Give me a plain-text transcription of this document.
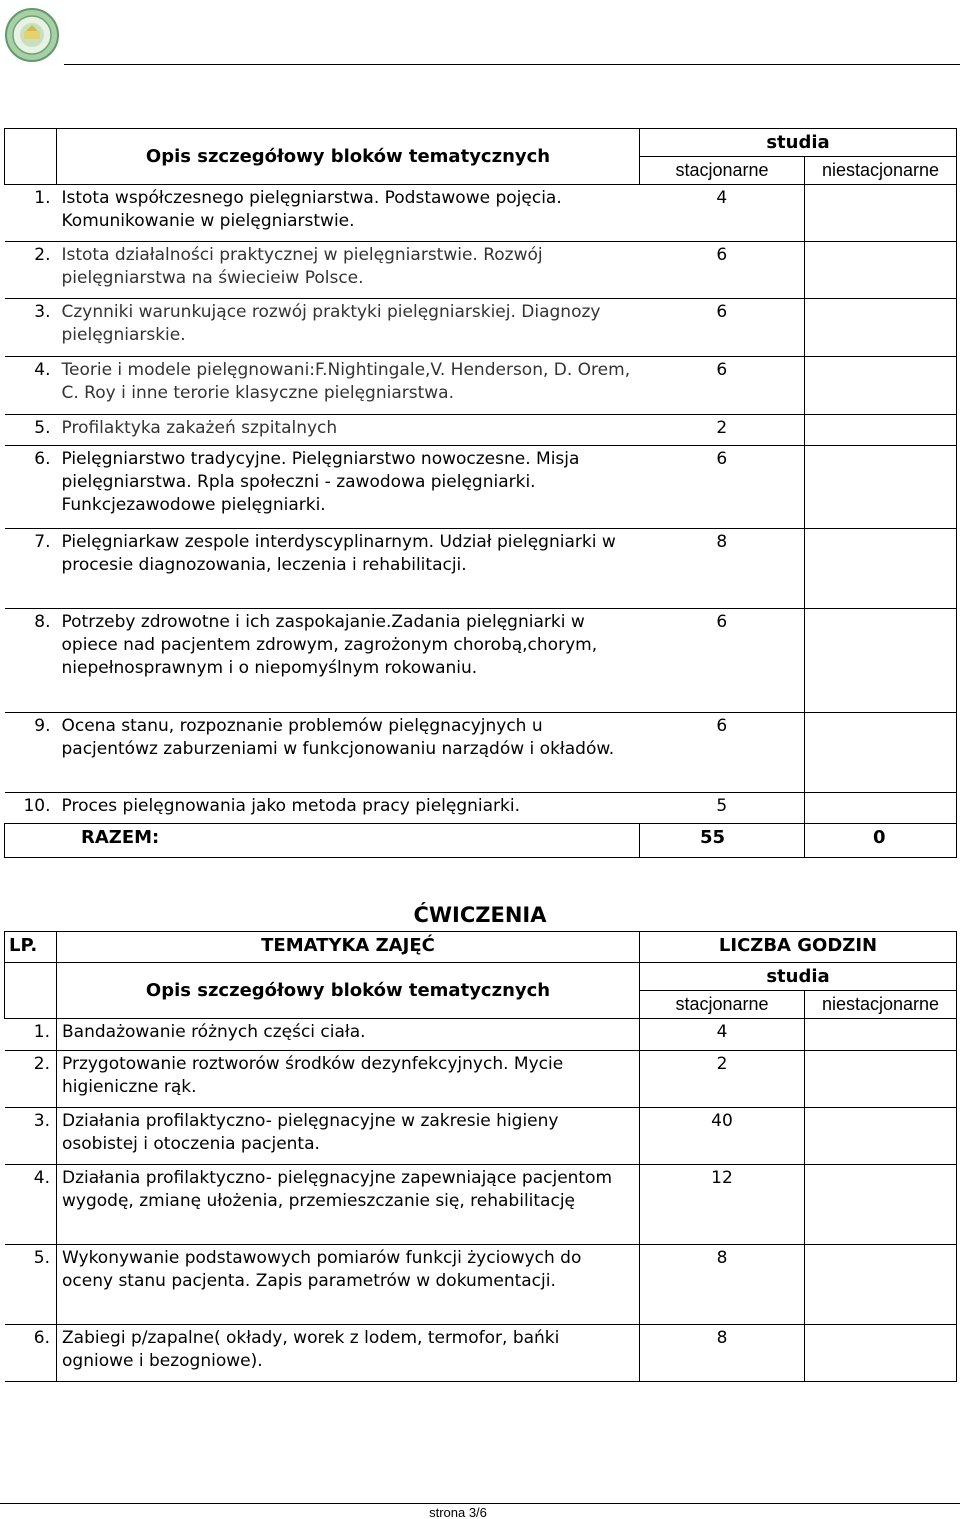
	Opis szczegółowy bloków tematycznych	studia	
		stacjonarne	niestacjonarne
1.	Istota współczesnego pielęgniarstwa. Podstawowe pojęcia. Komunikowanie w pielęgniarstwie.	4	
2.	Istota działalności praktycznej w pielęgniarstwie. Rozwój pielęgniarstwa na świecieiw Polsce.	6	
3.	Czynniki warunkujące rozwój praktyki pielęgniarskiej. Diagnozy pielęgniarskie.	6	
4.	Teorie i modele pielęgnowani:F.Nightingale,V. Henderson, D. Orem, C. Roy i inne terorie klasyczne pielęgniarstwa.	6	
5.	Profilaktyka zakażeń szpitalnych	2	
6.	Pielęgniarstwo tradycyjne. Pielęgniarstwo nowoczesne. Misja pielęgniarstwa. Rpla społeczni - zawodowa pielęgniarki. Funkcjezawodowe pielęgniarki.	6	
7.	Pielęgniarkaw zespole interdyscyplinarnym. Udział pielęgniarki w procesie diagnozowania, leczenia i rehabilitacji.	8	
8.	Potrzeby zdrowotne i ich zaspokajanie.Zadania pielęgniarki w opiece nad pacjentem zdrowym, zagrożonym chorobą,chorym, niepełnosprawnym i o niepomyślnym rokowaniu.	6	
9.	Ocena stanu, rozpoznanie problemów pielęgnacyjnych u pacjentówz zaburzeniami w funkcjonowaniu narządów i okładów.	6	
10.	Proces pielęgnowania jako metoda pracy pielęgniarki.	5	
RAZEM:		55	0
ĆWICZENIA
LP.	TEMATYKA ZAJĘĆ	LICZBA GODZIN	
	Opis szczegółowy bloków tematycznych	studia	
		stacjonarne	niestacjonarne
1.	Bandażowanie różnych części ciała.	4	
2.	Przygotowanie roztworów środków dezynfekcyjnych. Mycie higieniczne rąk.	2	
3.	Działania profilaktyczno- pielęgnacyjne w zakresie higieny osobistej i otoczenia pacjenta.	40	
4.	Działania profilaktyczno- pielęgnacyjne zapewniające pacjentom wygodę, zmianę ułożenia, przemieszczanie się, rehabilitację	12	
5.	Wykonywanie podstawowych pomiarów funkcji życiowych do oceny stanu pacjenta. Zapis parametrów w dokumentacji.	8	
6.	Zabiegi p/zapalne( okłady, worek z lodem, termofor, bańki ogniowe i bezogniowe).	8	
strona 3/6
